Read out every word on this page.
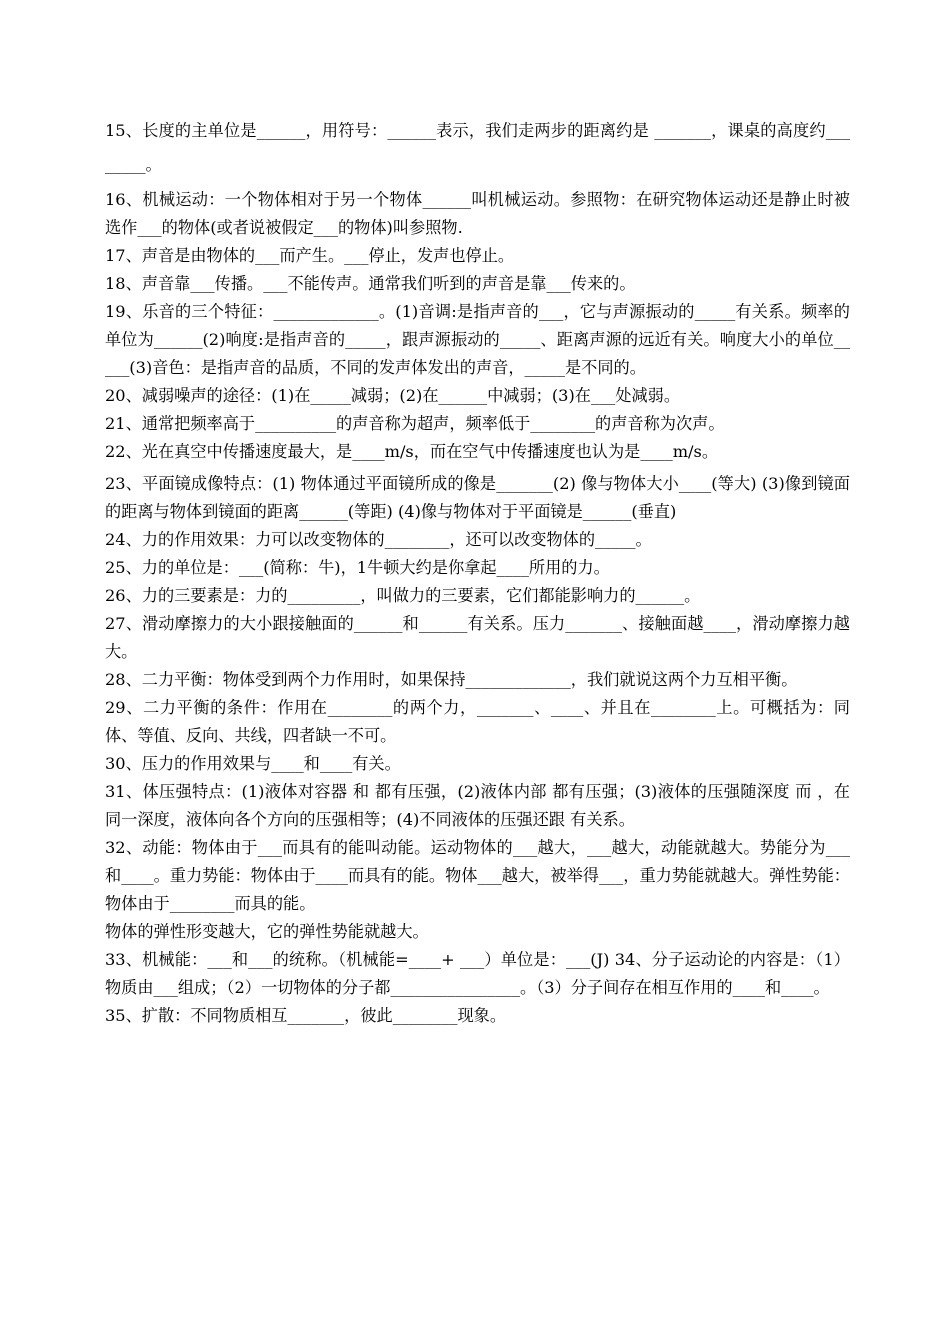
15、长度的主单位是______，用符号：______表示，我们走两步的距离约是 _______，课桌的高度约________。

16、机械运动：一个物体相对于另一个物体______叫机械运动。参照物：在研究物体运动还是静止时被选作___的物体(或者说被假定___的物体)叫参照物.

17、声音是由物体的___而产生。___停止，发声也停止。

18、声音靠___传播。___不能传声。通常我们听到的声音是靠___传来的。

19、乐音的三个特征：_____________。(1)音调:是指声音的___，它与声源振动的_____有关系。频率的单位为______(2)响度:是指声音的_____，跟声源振动的_____、距离声源的远近有关。响度大小的单位_____(3)音色：是指声音的品质，不同的发声体发出的声音，_____是不同的。

20、减弱噪声的途径：(1)在_____减弱；(2)在______中减弱；(3)在___处减弱。

21、通常把频率高于__________的声音称为超声，频率低于________的声音称为次声。

22、光在真空中传播速度最大，是____m/s，而在空气中传播速度也认为是____m/s。

23、平面镜成像特点：(1) 物体通过平面镜所成的像是_______(2) 像与物体大小____(等大) (3)像到镜面的距离与物体到镜面的距离______(等距) (4)像与物体对于平面镜是______(垂直)

24、力的作用效果：力可以改变物体的________，还可以改变物体的_____。

25、力的单位是：___(简称：牛)，1牛顿大约是你拿起____所用的力。

26、力的三要素是：力的_________，叫做力的三要素，它们都能影响力的______。

27、滑动摩擦力的大小跟接触面的______和______有关系。压力_______、接触面越____，滑动摩擦力越大。

28、二力平衡：物体受到两个力作用时，如果保持_____________，我们就说这两个力互相平衡。

29、二力平衡的条件：作用在________的两个力，_______、____、并且在________上。可概括为：同体、等值、反向、共线，四者缺一不可。

30、压力的作用效果与____和____有关。

31、体压强特点：(1)液体对容器 和 都有压强，(2)液体内部 都有压强；(3)液体的压强随深度 而 ，在同一深度，液体向各个方向的压强相等；(4)不同液体的压强还跟 有关系。

32、动能：物体由于___而具有的能叫动能。运动物体的___越大，___越大，动能就越大。势能分为___和____。重力势能：物体由于____而具有的能。物体___越大，被举得___，重力势能就越大。弹性势能：物体由于________而具的能。

物体的弹性形变越大，它的弹性势能就越大。

33、机械能：___和___的统称。（机械能=____+ ___）单位是：___(J) 34、分子运动论的内容是：（1）物质由___组成；（2）一切物体的分子都________________。（3）分子间存在相互作用的____和____。

35、扩散：不同物质相互_______，彼此________现象。
